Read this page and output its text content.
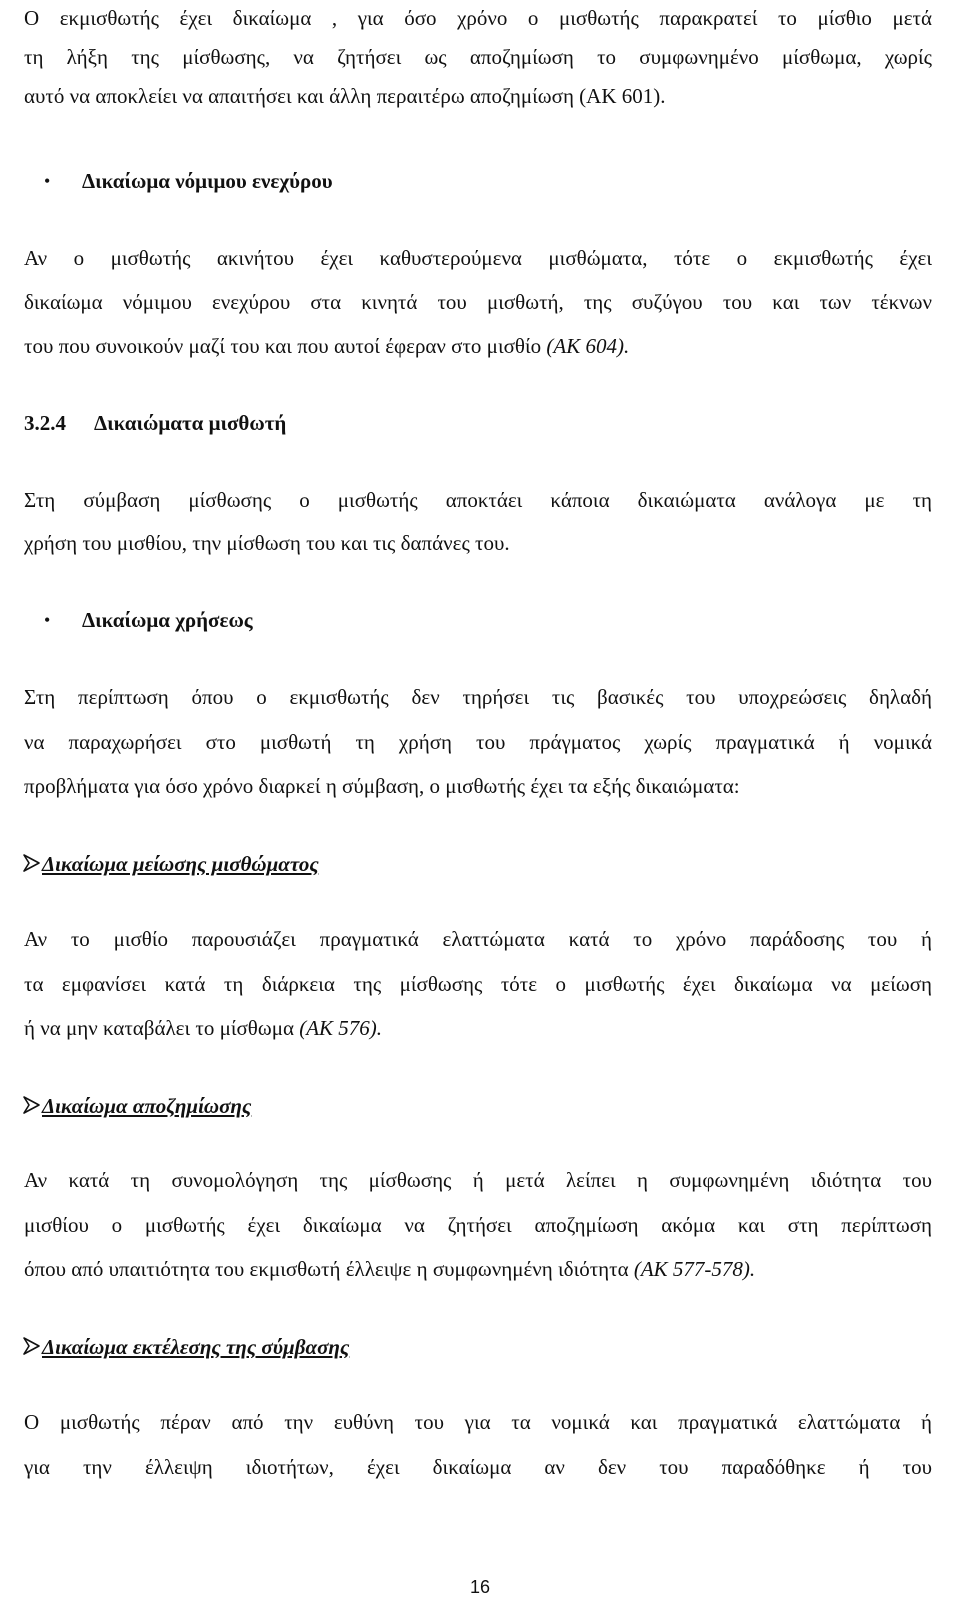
Ο εκμισθωτής έχει δικαίωμα , για όσο χρόνο ο μισθωτής παρακρατεί το μίσθιο μετά
τη λήξη της μίσθωσης, να ζητήσει ως αποζημίωση το συμφωνημένο μίσθωμα, χωρίς
αυτό να αποκλείει να απαιτήσει και άλλη περαιτέρω αποζημίωση (ΑΚ 601).
• Δικαίωμα νόμιμου ενεχύρου
Αν ο μισθωτής ακινήτου έχει καθυστερούμενα μισθώματα, τότε ο εκμισθωτής έχει
δικαίωμα νόμιμου ενεχύρου στα κινητά του μισθωτή, της συζύγου του και των τέκνων
του που συνοικούν μαζί του και που αυτοί έφεραν στο μισθίο (ΑΚ 604).
3.2.4 Δικαιώματα μισθωτή
Στη σύμβαση μίσθωσης ο μισθωτής αποκτάει κάποια δικαιώματα ανάλογα με τη
χρήση του μισθίου, την μίσθωση του και τις δαπάνες του.
• Δικαίωμα χρήσεως
Στη περίπτωση όπου ο εκμισθωτής δεν τηρήσει τις βασικές του υποχρεώσεις δηλαδή
να παραχωρήσει στο μισθωτή τη χρήση του πράγματος χωρίς πραγματικά ή νομικά
προβλήματα για όσο χρόνο διαρκεί η σύμβαση, ο μισθωτής έχει τα εξής δικαιώματα:
Δικαίωμα μείωσης μισθώματος
Αν το μισθίο παρουσιάζει πραγματικά ελαττώματα κατά το χρόνο παράδοσης του ή
τα εμφανίσει κατά τη διάρκεια της μίσθωσης τότε ο μισθωτής έχει δικαίωμα να μείωση
ή να μην καταβάλει το μίσθωμα (ΑΚ 576).
Δικαίωμα αποζημίωσης
Αν κατά τη συνομολόγηση της μίσθωσης ή μετά λείπει η συμφωνημένη ιδιότητα του
μισθίου ο μισθωτής έχει δικαίωμα να ζητήσει αποζημίωση ακόμα και στη περίπτωση
όπου από υπαιτιότητα του εκμισθωτή έλλειψε η συμφωνημένη ιδιότητα (ΑΚ 577-578).
Δικαίωμα εκτέλεσης της σύμβασης
Ο μισθωτής πέραν από την ευθύνη του για τα νομικά και πραγματικά ελαττώματα ή
για την έλλειψη ιδιοτήτων, έχει δικαίωμα αν δεν του παραδόθηκε ή του
16
